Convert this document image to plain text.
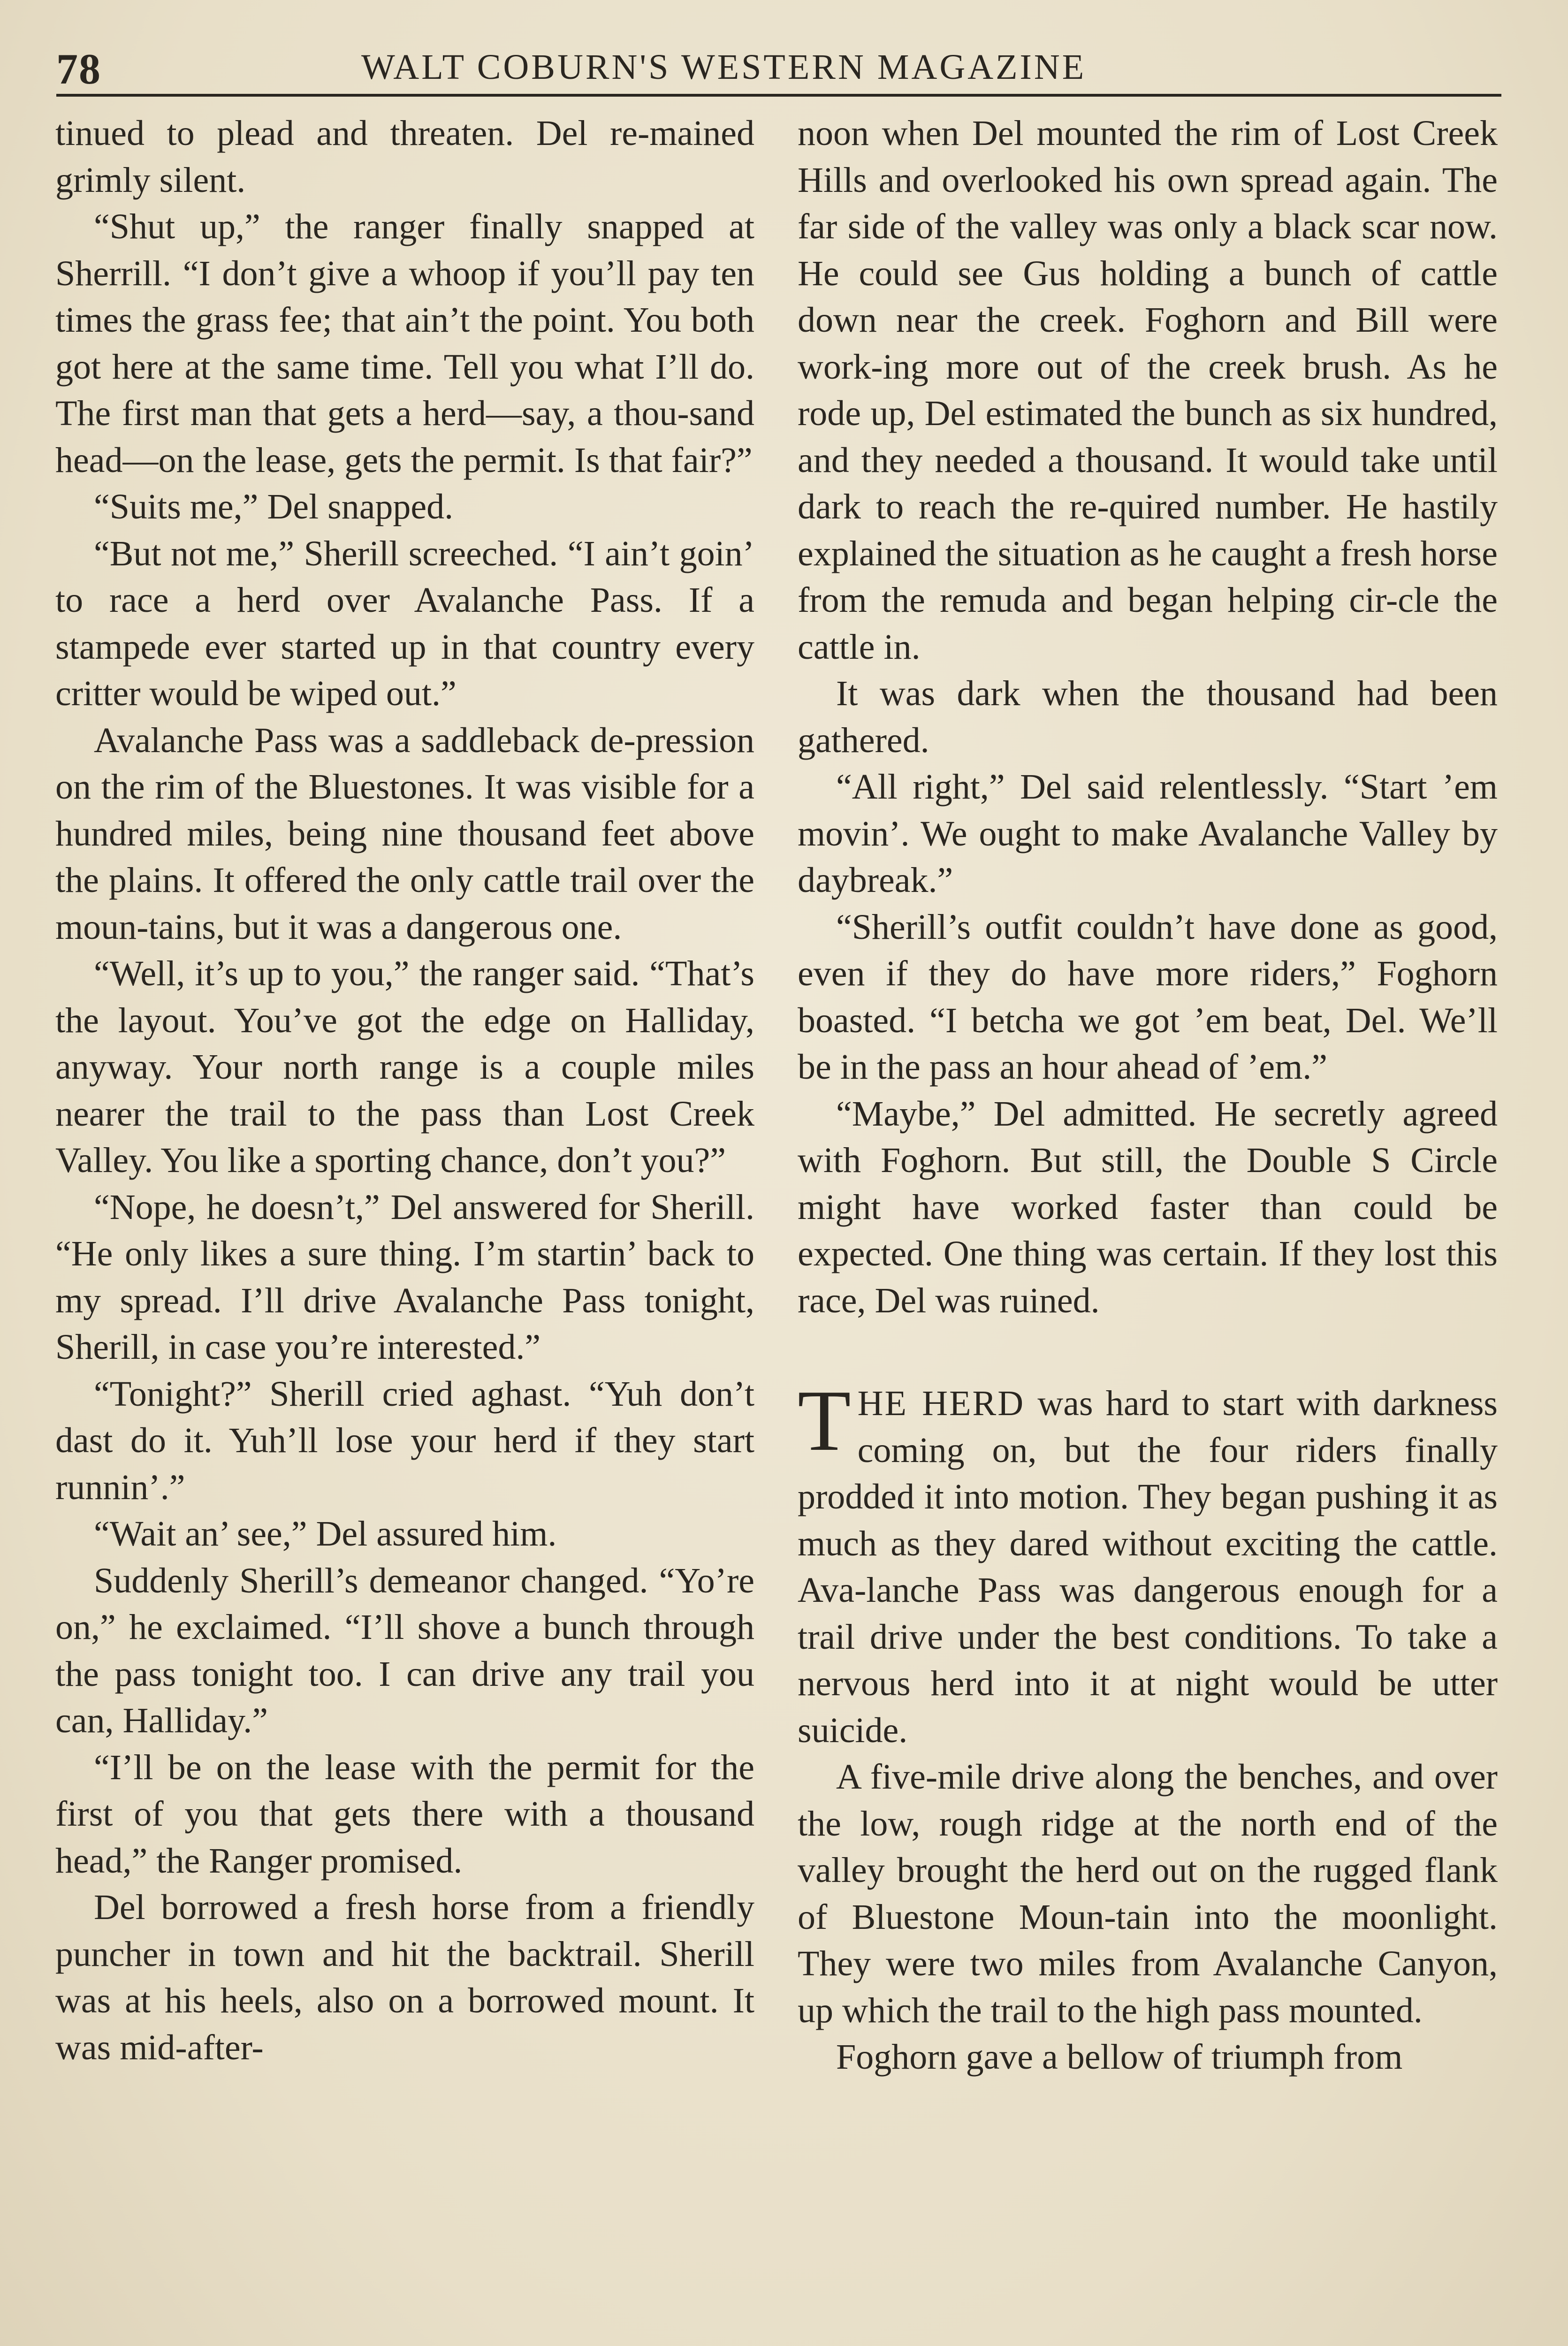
78	WALT COBURN'S WESTERN MAGAZINE

tinued to plead and threaten. Del re-mained grimly silent.

“Shut up,” the ranger finally snapped at Sherrill. “I don’t give a whoop if you’ll pay ten times the grass fee; that ain’t the point. You both got here at the same time. Tell you what I’ll do. The first man that gets a herd—say, a thou-sand head—on the lease, gets the permit. Is that fair?”

“Suits me,” Del snapped.

“But not me,” Sherill screeched. “I ain’t goin’ to race a herd over Avalanche Pass. If a stampede ever started up in that country every critter would be wiped out.”

Avalanche Pass was a saddleback de-pression on the rim of the Bluestones. It was visible for a hundred miles, being nine thousand feet above the plains. It offered the only cattle trail over the moun-tains, but it was a dangerous one.

“Well, it’s up to you,” the ranger said. “That’s the layout. You’ve got the edge on Halliday, anyway. Your north range is a couple miles nearer the trail to the pass than Lost Creek Valley. You like a sporting chance, don’t you?”

“Nope, he doesn’t,” Del answered for Sherill. “He only likes a sure thing. I’m startin’ back to my spread. I’ll drive Avalanche Pass tonight, Sherill, in case you’re interested.”

“Tonight?” Sherill cried aghast. “Yuh don’t dast do it. Yuh’ll lose your herd if they start runnin’.”

“Wait an’ see,” Del assured him.

Suddenly Sherill’s demeanor changed. “Yo’re on,” he exclaimed. “I’ll shove a bunch through the pass tonight too. I can drive any trail you can, Halliday.”

“I’ll be on the lease with the permit for the first of you that gets there with a thousand head,” the Ranger promised.

Del borrowed a fresh horse from a friendly puncher in town and hit the backtrail. Sherill was at his heels, also on a borrowed mount. It was mid-after-

noon when Del mounted the rim of Lost Creek Hills and overlooked his own spread again. The far side of the valley was only a black scar now. He could see Gus holding a bunch of cattle down near the creek. Foghorn and Bill were work-ing more out of the creek brush. As he rode up, Del estimated the bunch as six hundred, and they needed a thousand. It would take until dark to reach the re-quired number. He hastily explained the situation as he caught a fresh horse from the remuda and began helping cir-cle the cattle in.

It was dark when the thousand had been gathered.

“All right,” Del said relentlessly. “Start ’em movin’. We ought to make Avalanche Valley by daybreak.”

“Sherill’s outfit couldn’t have done as good, even if they do have more riders,” Foghorn boasted. “I betcha we got ’em beat, Del. We’ll be in the pass an hour ahead of ’em.”

“Maybe,” Del admitted. He secretly agreed with Foghorn. But still, the Double S Circle might have worked faster than could be expected. One thing was certain. If they lost this race, Del was ruined.

THE HERD was hard to start with darkness coming on, but the four riders finally prodded it into motion. They began pushing it as much as they dared without exciting the cattle. Ava-lanche Pass was dangerous enough for a trail drive under the best conditions. To take a nervous herd into it at night would be utter suicide.

A five-mile drive along the benches, and over the low, rough ridge at the north end of the valley brought the herd out on the rugged flank of Bluestone Moun-tain into the moonlight. They were two miles from Avalanche Canyon, up which the trail to the high pass mounted.

Foghorn gave a bellow of triumph from
